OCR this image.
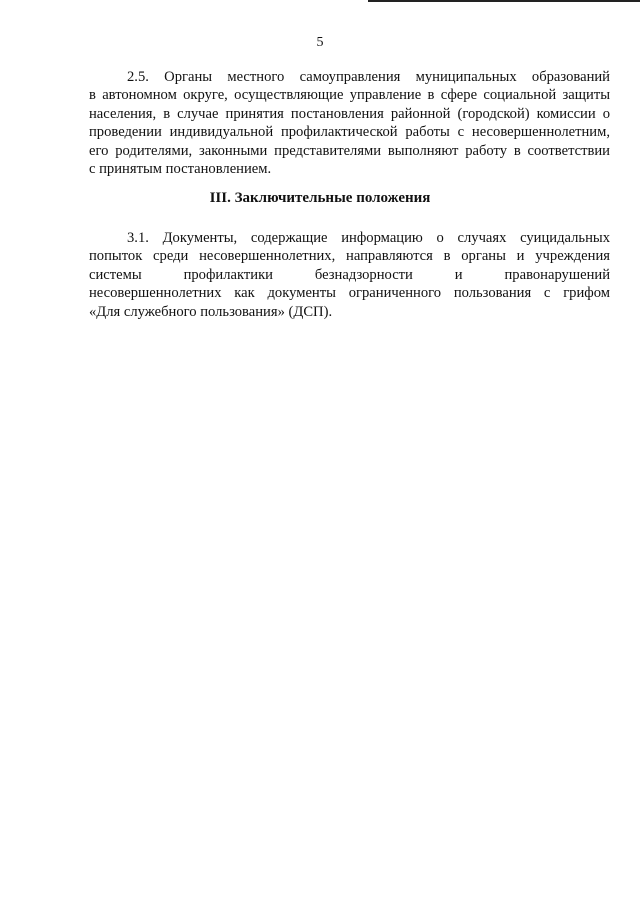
5
2.5. Органы местного самоуправления муниципальных образований
в автономном округе, осуществляющие управление в сфере социальной защиты
населения, в случае принятия постановления районной (городской) комиссии о
проведении индивидуальной профилактической работы с несовершеннолетним,
его родителями, законными представителями выполняют работу в соответствии
с принятым постановлением.
III. Заключительные положения
3.1. Документы, содержащие информацию о случаях суицидальных
попыток среди несовершеннолетних, направляются в органы и учреждения
системы профилактики безнадзорности и правонарушений
несовершеннолетних как документы ограниченного пользования с грифом
«Для служебного пользования» (ДСП).
